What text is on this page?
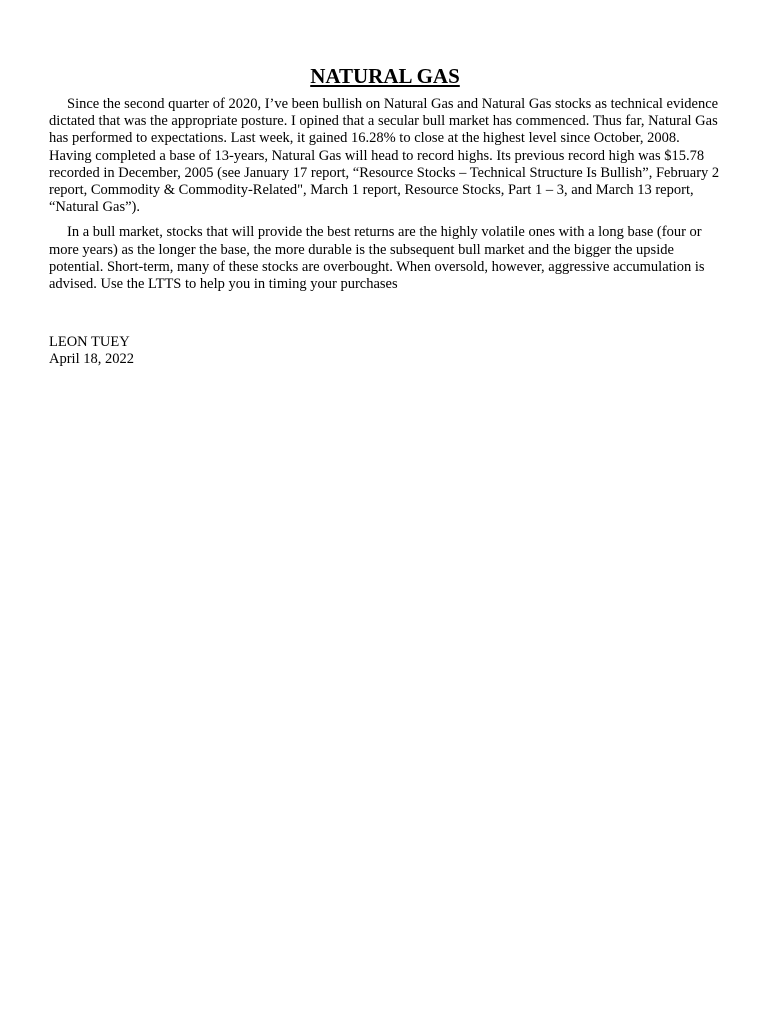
NATURAL GAS

Since the second quarter of 2020, I’ve been bullish on Natural Gas and Natural Gas stocks as technical evidence dictated that was the appropriate posture. I opined that a secular bull market has commenced. Thus far, Natural Gas has performed to expectations. Last week, it gained 16.28% to close at the highest level since October, 2008. Having completed a base of 13-years, Natural Gas will head to record highs. Its previous record high was $15.78 recorded in December, 2005 (see January 17 report, “Resource Stocks – Technical Structure Is Bullish”, February 2 report, Commodity & Commodity-Related", March 1 report, Resource Stocks, Part 1 – 3, and March 13 report, “Natural Gas”).

In a bull market, stocks that will provide the best returns are the highly volatile ones with a long base (four or more years) as the longer the base, the more durable is the subsequent bull market and the bigger the upside potential. Short-term, many of these stocks are overbought. When oversold, however, aggressive accumulation is advised. Use the LTTS to help you in timing your purchases

LEON TUEY
April 18, 2022
